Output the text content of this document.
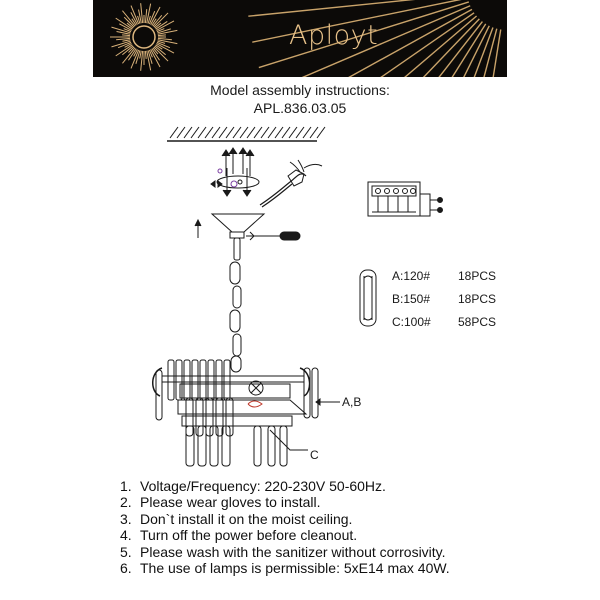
Aployt
Model assembly instructions:
APL.836.03.05
A,B
C
A:120# 18PCS
B:150# 18PCS
C:100# 58PCS
1. Voltage/Frequency: 220-230V 50-60Hz.
2. Please wear gloves to install.
3. Don`t install it on the moist ceiling.
4. Turn off the power before cleanout.
5. Please wash with the sanitizer without corrosivity.
6. The use of lamps is permissible: 5xE14 max 40W.
